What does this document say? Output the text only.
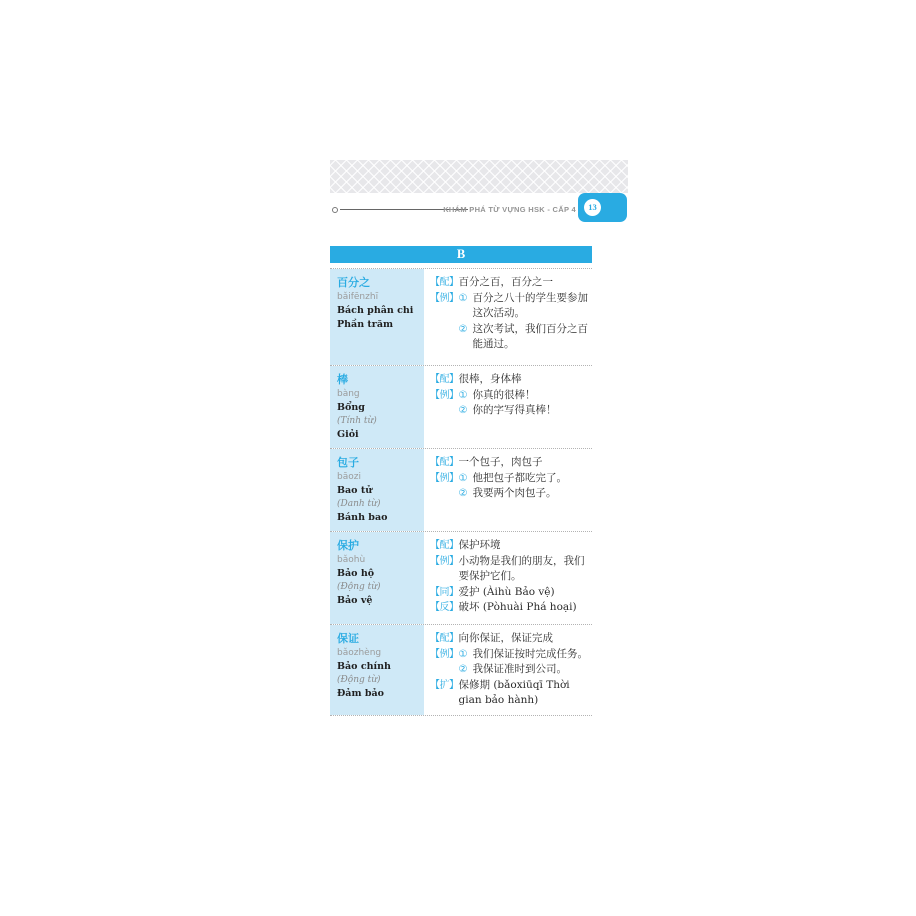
KHÁM PHÁ TỪ VỰNG HSK - CẤP 4	13
B
百分之
bǎifēnzhī
Bách phân chi
Phần trăm
【配】 百分之百，百分之一
【例】 ① 百分之八十的学生要参加这次活动。
② 这次考试，我们百分之百能通过。
棒
bàng
Bổng
(Tính từ)
Giỏi
【配】 很棒，身体棒
【例】 ① 你真的很棒！
② 你的字写得真棒！
包子
bāozi
Bao tử
(Danh từ)
Bánh bao
【配】 一个包子，肉包子
【例】 ① 他把包子都吃完了。
② 我要两个肉包子。
保护
bǎohù
Bảo hộ
(Động từ)
Bảo vệ
【配】 保护环境
【例】 小动物是我们的朋友，我们要保护它们。
【同】 爱护 (Àihù Bảo vệ)
【反】 破坏 (Pòhuài Phá hoại)
保证
bǎozhèng
Bảo chính
(Động từ)
Đảm bảo
【配】 向你保证，保证完成
【例】 ① 我们保证按时完成任务。
② 我保证准时到公司。
【扩】 保修期 (bǎoxiūqī Thời gian bảo hành)
